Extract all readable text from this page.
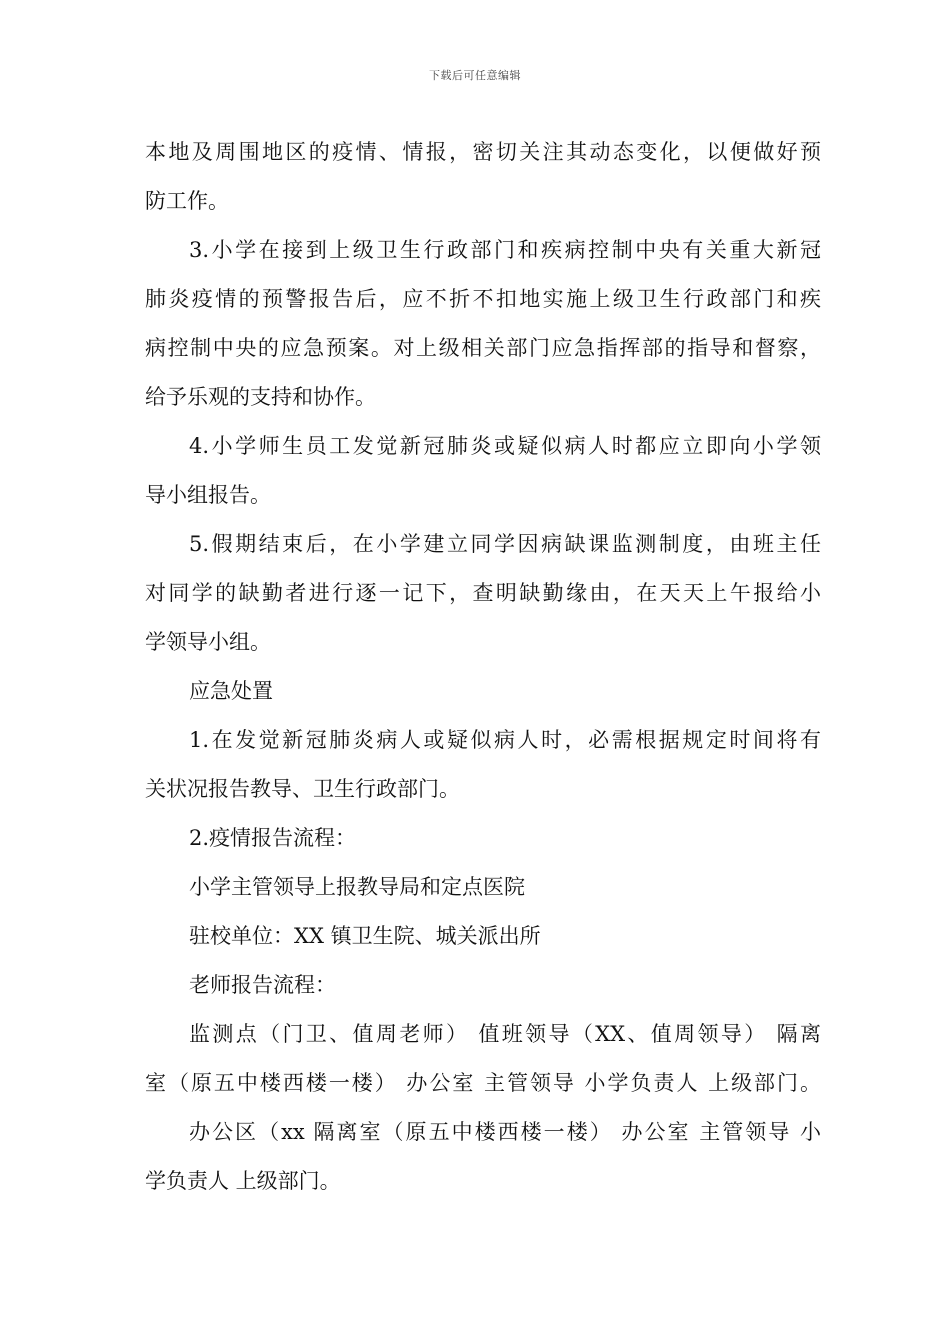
下载后可任意编辑
本地及周围地区的疫情、情报，密切关注其动态变化，以便做好预
防工作。
3.小学在接到上级卫生行政部门和疾病控制中央有关重大新冠
肺炎疫情的预警报告后，应不折不扣地实施上级卫生行政部门和疾
病控制中央的应急预案。对上级相关部门应急指挥部的指导和督察，
给予乐观的支持和协作。
4.小学师生员工发觉新冠肺炎或疑似病人时都应立即向小学领
导小组报告。
5.假期结束后，在小学建立同学因病缺课监测制度，由班主任
对同学的缺勤者进行逐一记下，查明缺勤缘由，在天天上午报给小
学领导小组。
应急处置
1.在发觉新冠肺炎病人或疑似病人时，必需根据规定时间将有
关状况报告教导、卫生行政部门。
2.疫情报告流程：
小学主管领导上报教导局和定点医院
驻校单位：XX 镇卫生院、城关派出所
老师报告流程：
监测点（门卫、值周老师） 值班领导（XX、值周领导） 隔离
室（原五中楼西楼一楼） 办公室 主管领导 小学负责人 上级部门。
办公区（xx 隔离室（原五中楼西楼一楼） 办公室 主管领导 小
学负责人 上级部门。
